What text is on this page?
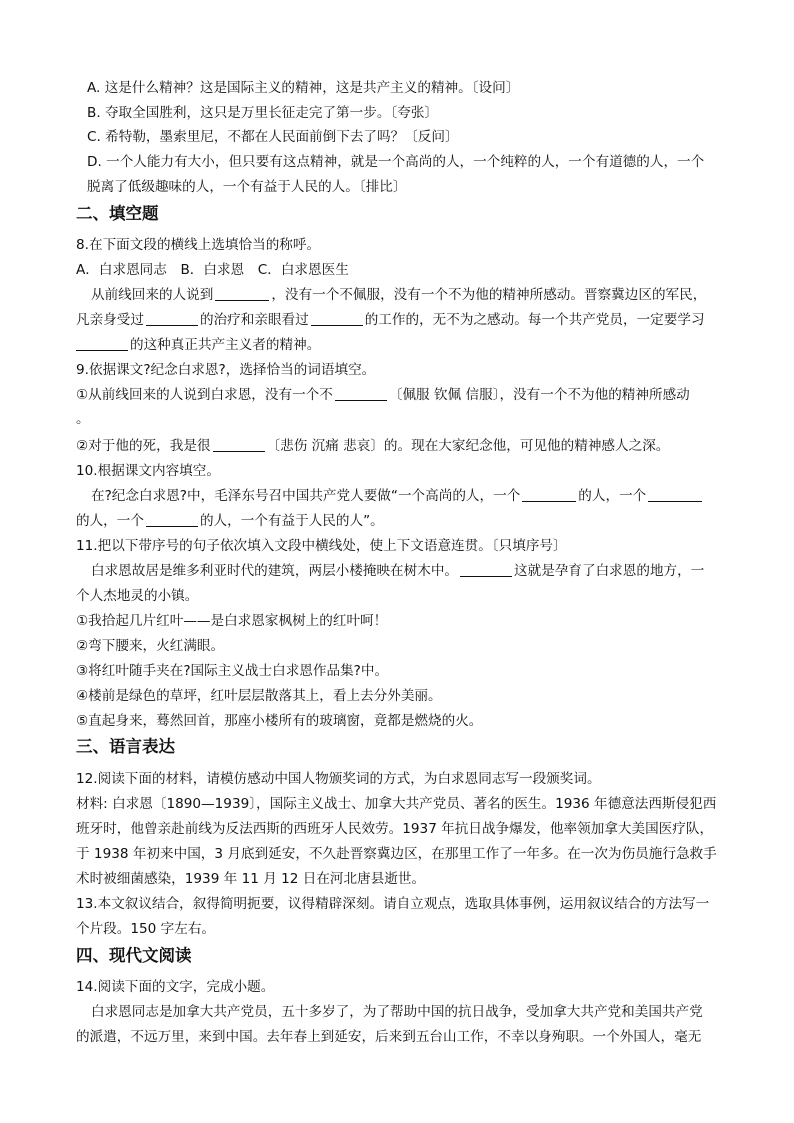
A. 这是什么精神？这是国际主义的精神，这是共产主义的精神。〔设问〕
B. 夺取全国胜利，这只是万里长征走完了第一步。〔夸张〕
C. 希特勒，墨索里尼，不都在人民面前倒下去了吗？〔反问〕
D. 一个人能力有大小，但只要有这点精神，就是一个高尚的人，一个纯粹的人，一个有道德的人，一个
脱离了低级趣味的人，一个有益于人民的人。〔排比〕
二、填空题
8.在下面文段的横线上选填恰当的称呼。
A．白求恩同志　B．白求恩　C．白求恩医生
从前线回来的人说到	，没有一个不佩服，没有一个不为他的精神所感动。晋察冀边区的军民，
凡亲身受过	的治疗和亲眼看过	的工作的，无不为之感动。每一个共产党员，一定要学习
的这种真正共产主义者的精神。
9.依据课文?纪念白求恩?，选择恰当的词语填空。
①从前线回来的人说到白求恩，没有一个不	〔佩服 钦佩 信服〕，没有一个不为他的精神所感动
。
②对于他的死，我是很	〔悲伤 沉痛 悲哀〕的。现在大家纪念他，可见他的精神感人之深。
10.根据课文内容填空。
在?纪念白求恩?中，毛泽东号召中国共产党人要做“一个高尚的人，一个	的人，一个
的人，一个	的人，一个有益于人民的人”。
11.把以下带序号的句子依次填入文段中横线处，使上下文语意连贯。〔只填序号〕
白求恩故居是维多利亚时代的建筑，两层小楼掩映在树木中。	这就是孕育了白求恩的地方，一
个人杰地灵的小镇。
①我拾起几片红叶——是白求恩家枫树上的红叶呵！
②弯下腰来，火红满眼。
③将红叶随手夹在?国际主义战士白求恩作品集?中。
④楼前是绿色的草坪，红叶层层散落其上，看上去分外美丽。
⑤直起身来，蓦然回首，那座小楼所有的玻璃窗，竟都是燃烧的火。
三、语言表达
12.阅读下面的材料，请模仿感动中国人物颁奖词的方式，为白求恩同志写一段颁奖词。
材料: 白求恩〔1890—1939〕，国际主义战士、加拿大共产党员、著名的医生。1936 年德意法西斯侵犯西
班牙时，他曾亲赴前线为反法西斯的西班牙人民效劳。1937 年抗日战争爆发，他率领加拿大美国医疗队，
于 1938 年初来中国，3 月底到延安，不久赴晋察冀边区，在那里工作了一年多。在一次为伤员施行急救手
术时被细菌感染，1939 年 11 月 12 日在河北唐县逝世。
13.本文叙议结合，叙得简明扼要，议得精辟深刻。请自立观点，选取具体事例，运用叙议结合的方法写一
个片段。150 字左右。
四、现代文阅读
14.阅读下面的文字，完成小题。
白求恩同志是加拿大共产党员，五十多岁了，为了帮助中国的抗日战争，受加拿大共产党和美国共产党
的派遣，不远万里，来到中国。去年春上到延安，后来到五台山工作，不幸以身殉职。一个外国人，毫无
